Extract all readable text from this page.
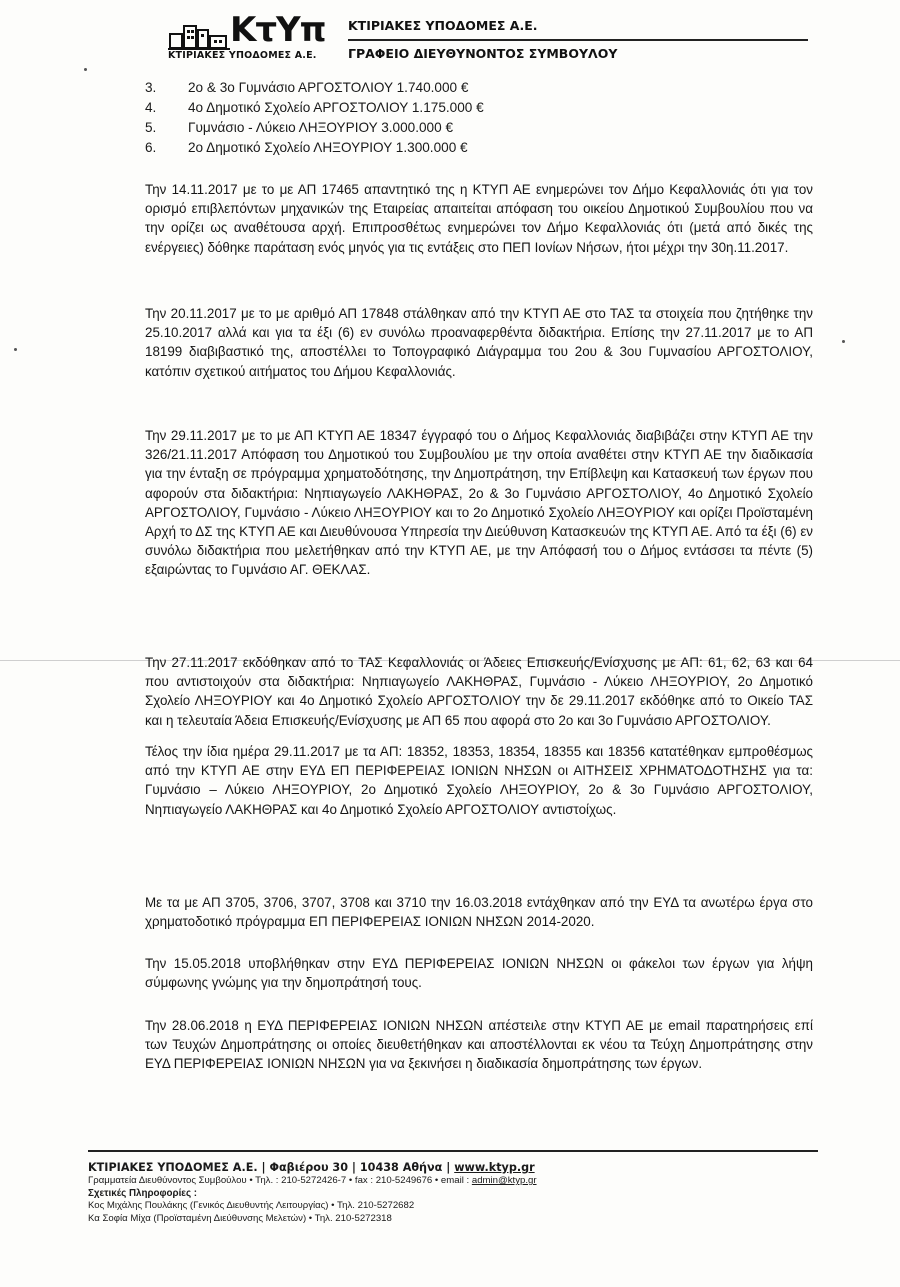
ΚτΥπ
ΚΤΙΡΙΑΚΕΣ ΥΠΟΔΟΜΕΣ Α.Ε.
ΚΤΙΡΙΑΚΕΣ ΥΠΟΔΟΜΕΣ Α.Ε.
ΓΡΑΦΕΙΟ ΔΙΕΥΘΥΝΟΝΤΟΣ ΣΥΜΒΟΥΛΟΥ
3.	2ο & 3ο Γυμνάσιο ΑΡΓΟΣΤΟΛΙΟΥ 1.740.000 €
4.	4ο Δημοτικό Σχολείο ΑΡΓΟΣΤΟΛΙΟΥ 1.175.000 €
5.	Γυμνάσιο - Λύκειο ΛΗΞΟΥΡΙΟΥ 3.000.000 €
6.	2ο Δημοτικό Σχολείο ΛΗΞΟΥΡΙΟΥ 1.300.000 €

Την 14.11.2017 με το με ΑΠ 17465 απαντητικό της η ΚΤΥΠ ΑΕ ενημερώνει τον Δήμο Κεφαλλονιάς ότι για τον ορισμό επιβλεπόντων μηχανικών της Εταιρείας απαιτείται απόφαση του οικείου Δημοτικού Συμβουλίου που να την ορίζει ως αναθέτουσα αρχή. Επιπροσθέτως ενημερώνει τον Δήμο Κεφαλλονιάς ότι (μετά από δικές της ενέργειες) δόθηκε παράταση ενός μηνός για τις εντάξεις στο ΠΕΠ Ιονίων Νήσων, ήτοι μέχρι την 30η.11.2017.

Την 20.11.2017 με το με αριθμό ΑΠ 17848 στάλθηκαν από την ΚΤΥΠ ΑΕ στο ΤΑΣ τα στοιχεία που ζητήθηκε την 25.10.2017 αλλά και για τα έξι (6) εν συνόλω προαναφερθέντα διδακτήρια. Επίσης την 27.11.2017 με το ΑΠ 18199 διαβιβαστικό της, αποστέλλει το Τοπογραφικό Διάγραμμα του 2ου & 3ου Γυμνασίου ΑΡΓΟΣΤΟΛΙΟΥ, κατόπιν σχετικού αιτήματος του Δήμου Κεφαλλονιάς.

Την 29.11.2017 με το με ΑΠ ΚΤΥΠ ΑΕ 18347 έγγραφό του ο Δήμος Κεφαλλονιάς διαβιβάζει στην ΚΤΥΠ ΑΕ την 326/21.11.2017 Απόφαση του Δημοτικού του Συμβουλίου με την οποία αναθέτει στην ΚΤΥΠ ΑΕ την διαδικασία για την ένταξη σε πρόγραμμα χρηματοδότησης, την Δημοπράτηση, την Επίβλεψη και Κατασκευή των έργων που αφορούν στα διδακτήρια: Νηπιαγωγείο ΛΑΚΗΘΡΑΣ, 2ο & 3ο Γυμνάσιο ΑΡΓΟΣΤΟΛΙΟΥ, 4ο Δημοτικό Σχολείο ΑΡΓΟΣΤΟΛΙΟΥ, Γυμνάσιο - Λύκειο ΛΗΞΟΥΡΙΟΥ και το 2ο Δημοτικό Σχολείο ΛΗΞΟΥΡΙΟΥ και ορίζει Προϊσταμένη Αρχή το ΔΣ της ΚΤΥΠ ΑΕ και Διευθύνουσα Υπηρεσία την Διεύθυνση Κατασκευών της ΚΤΥΠ ΑΕ. Από τα έξι (6) εν συνόλω διδακτήρια που μελετήθηκαν από την ΚΤΥΠ ΑΕ, με την Απόφασή του ο Δήμος εντάσσει τα πέντε (5) εξαιρώντας το Γυμνάσιο ΑΓ. ΘΕΚΛΑΣ.

Την 27.11.2017 εκδόθηκαν από το ΤΑΣ Κεφαλλονιάς οι Άδειες Επισκευής/Ενίσχυσης με ΑΠ: 61, 62, 63 και 64 που αντιστοιχούν στα διδακτήρια: Νηπιαγωγείο ΛΑΚΗΘΡΑΣ, Γυμνάσιο - Λύκειο ΛΗΞΟΥΡΙΟΥ, 2ο Δημοτικό Σχολείο ΛΗΞΟΥΡΙΟΥ και 4ο Δημοτικό Σχολείο ΑΡΓΟΣΤΟΛΙΟΥ την δε 29.11.2017 εκδόθηκε από το Οικείο ΤΑΣ και η τελευταία Άδεια Επισκευής/Ενίσχυσης με ΑΠ 65 που αφορά στο 2ο και 3ο Γυμνάσιο ΑΡΓΟΣΤΟΛΙΟΥ.

Τέλος την ίδια ημέρα 29.11.2017 με τα ΑΠ: 18352, 18353, 18354, 18355 και 18356 κατατέθηκαν εμπροθέσμως από την ΚΤΥΠ ΑΕ στην ΕΥΔ ΕΠ ΠΕΡΙΦΕΡΕΙΑΣ ΙΟΝΙΩΝ ΝΗΣΩΝ οι ΑΙΤΗΣΕΙΣ ΧΡΗΜΑΤΟΔΟΤΗΣΗΣ για τα: Γυμνάσιο – Λύκειο ΛΗΞΟΥΡΙΟΥ, 2ο Δημοτικό Σχολείο ΛΗΞΟΥΡΙΟΥ, 2ο & 3ο Γυμνάσιο ΑΡΓΟΣΤΟΛΙΟΥ, Νηπιαγωγείο ΛΑΚΗΘΡΑΣ και 4ο Δημοτικό Σχολείο ΑΡΓΟΣΤΟΛΙΟΥ αντιστοίχως.

Με τα με ΑΠ 3705, 3706, 3707, 3708 και 3710 την 16.03.2018 εντάχθηκαν από την ΕΥΔ τα ανωτέρω έργα στο χρηματοδοτικό πρόγραμμα ΕΠ ΠΕΡΙΦΕΡΕΙΑΣ ΙΟΝΙΩΝ ΝΗΣΩΝ 2014-2020.

Την 15.05.2018 υποβλήθηκαν στην ΕΥΔ ΠΕΡΙΦΕΡΕΙΑΣ ΙΟΝΙΩΝ ΝΗΣΩΝ οι φάκελοι των έργων για λήψη σύμφωνης γνώμης για την δημοπράτησή τους.

Την 28.06.2018 η ΕΥΔ ΠΕΡΙΦΕΡΕΙΑΣ ΙΟΝΙΩΝ ΝΗΣΩΝ απέστειλε στην ΚΤΥΠ ΑΕ με email παρατηρήσεις επί των Τευχών Δημοπράτησης οι οποίες διευθετήθηκαν και αποστέλλονται εκ νέου τα Τεύχη Δημοπράτησης στην ΕΥΔ ΠΕΡΙΦΕΡΕΙΑΣ ΙΟΝΙΩΝ ΝΗΣΩΝ για να ξεκινήσει η διαδικασία δημοπράτησης των έργων.

ΚΤΙΡΙΑΚΕΣ ΥΠΟΔΟΜΕΣ Α.Ε. | Φαβιέρου 30 | 10438 Αθήνα | www.ktyp.gr
Γραμματεία Διευθύνοντος Συμβούλου • Τηλ. : 210-5272426-7 • fax : 210-5249676 • email : admin@ktyp.gr
Σχετικές Πληροφορίες :
Κος Μιχάλης Πουλάκης (Γενικός Διευθυντής Λειτουργίας) • Τηλ. 210-5272682
Κα Σοφία Μίχα (Προϊσταμένη Διεύθυνσης Μελετών) • Τηλ. 210-5272318
